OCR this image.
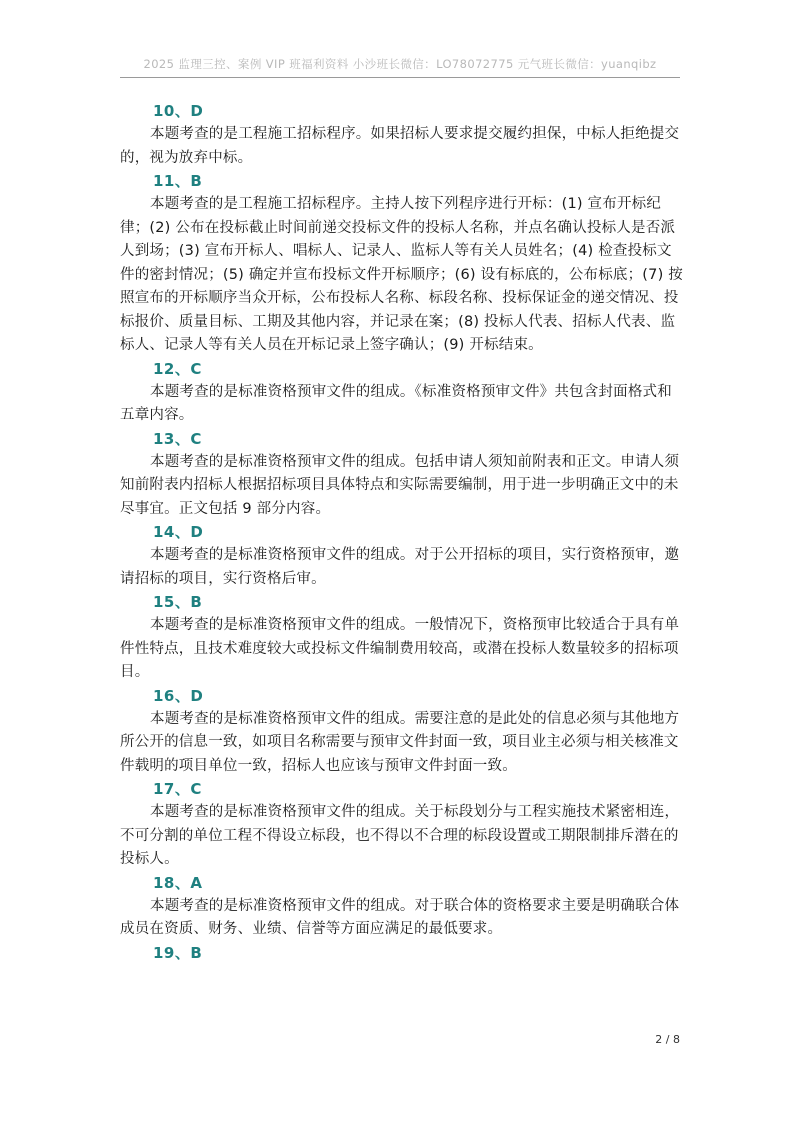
2025 监理三控、案例 VIP 班福利资料 小沙班长微信：LO78072775 元气班长微信：yuanqibz
10、D

本题考查的是工程施工招标程序。如果招标人要求提交履约担保，中标人拒绝提交的，视为放弃中标。

11、B

本题考查的是工程施工招标程序。主持人按下列程序进行开标：(1) 宣布开标纪律；(2) 公布在投标截止时间前递交投标文件的投标人名称，并点名确认投标人是否派人到场；(3) 宣布开标人、唱标人、记录人、监标人等有关人员姓名；(4) 检查投标文件的密封情况；(5) 确定并宣布投标文件开标顺序；(6) 设有标底的，公布标底；(7) 按照宣布的开标顺序当众开标，公布投标人名称、标段名称、投标保证金的递交情况、投标报价、质量目标、工期及其他内容，并记录在案；(8) 投标人代表、招标人代表、监标人、记录人等有关人员在开标记录上签字确认；(9) 开标结束。

12、C

本题考查的是标准资格预审文件的组成。《标准资格预审文件》共包含封面格式和五章内容。

13、C

本题考查的是标准资格预审文件的组成。包括申请人须知前附表和正文。申请人须知前附表内招标人根据招标项目具体特点和实际需要编制，用于进一步明确正文中的未尽事宜。正文包括 9 部分内容。

14、D

本题考查的是标准资格预审文件的组成。对于公开招标的项目，实行资格预审，邀请招标的项目，实行资格后审。

15、B

本题考查的是标准资格预审文件的组成。一般情况下，资格预审比较适合于具有单件性特点，且技术难度较大或投标文件编制费用较高，或潜在投标人数量较多的招标项目。

16、D

本题考查的是标准资格预审文件的组成。需要注意的是此处的信息必须与其他地方所公开的信息一致，如项目名称需要与预审文件封面一致，项目业主必须与相关核准文件载明的项目单位一致，招标人也应该与预审文件封面一致。

17、C

本题考查的是标准资格预审文件的组成。关于标段划分与工程实施技术紧密相连，不可分割的单位工程不得设立标段，也不得以不合理的标段设置或工期限制排斥潜在的投标人。

18、A

本题考查的是标准资格预审文件的组成。对于联合体的资格要求主要是明确联合体成员在资质、财务、业绩、信誉等方面应满足的最低要求。

19、B
2 / 8
